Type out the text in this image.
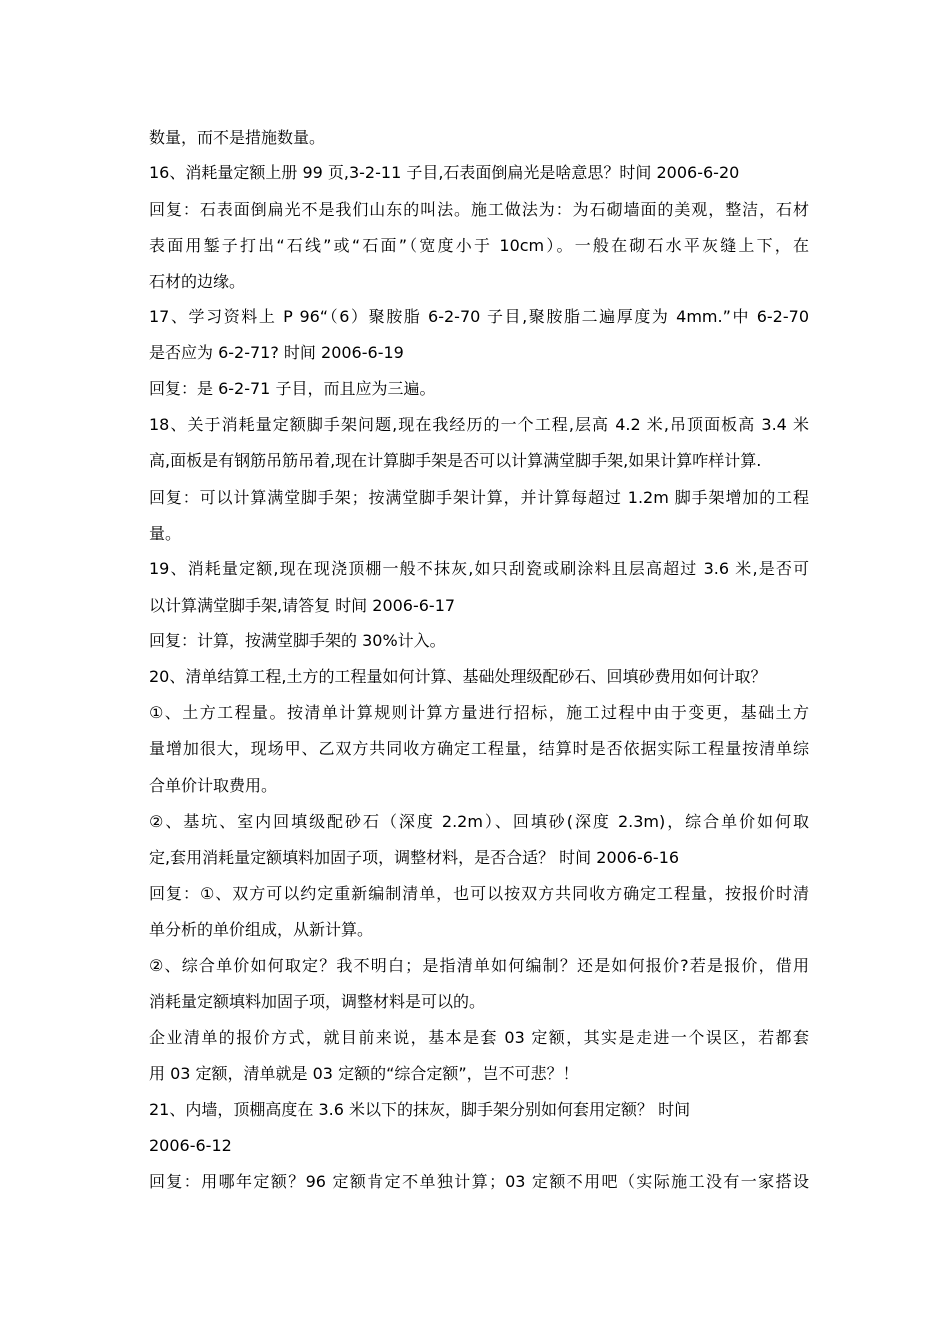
数量，而不是措施数量。
16、消耗量定额上册 99 页,3-2-11 子目,石表面倒扁光是啥意思？时间 2006-6-20
回复：石表面倒扁光不是我们山东的叫法。施工做法为：为石砌墙面的美观，整洁，石材
表面用錾子打出“石线”或“石面”（宽度小于 10cm）。一般在砌石水平灰缝上下，在
石材的边缘。
17、学习资料上 P 96“（6）聚胺脂 6-2-70 子目,聚胺脂二遍厚度为 4mm.”中 6-2-70
是否应为 6-2-71? 时间 2006-6-19
回复：是 6-2-71 子目，而且应为三遍。
18、关于消耗量定额脚手架问题,现在我经历的一个工程,层高 4.2 米,吊顶面板高 3.4 米
高,面板是有钢筋吊筋吊着,现在计算脚手架是否可以计算满堂脚手架,如果计算咋样计算.
回复：可以计算满堂脚手架；按满堂脚手架计算，并计算每超过 1.2m 脚手架增加的工程
量。
19、消耗量定额,现在现浇顶棚一般不抹灰,如只刮瓷或刷涂料且层高超过 3.6 米,是否可
以计算满堂脚手架,请答复 时间 2006-6-17
回复：计算，按满堂脚手架的 30%计入。
20、清单结算工程,土方的工程量如何计算、基础处理级配砂石、回填砂费用如何计取？
①、土方工程量。按清单计算规则计算方量进行招标，施工过程中由于变更，基础土方
量增加很大，现场甲、乙双方共同收方确定工程量，结算时是否依据实际工程量按清单综
合单价计取费用。
②、基坑、室内回填级配砂石（深度 2.2m）、回填砂(深度 2.3m)，综合单价如何取
定,套用消耗量定额填料加固子项，调整材料，是否合适？ 时间 2006-6-16
回复：①、双方可以约定重新编制清单，也可以按双方共同收方确定工程量，按报价时清
单分析的单价组成，从新计算。
②、综合单价如何取定？我不明白；是指清单如何编制？还是如何报价?若是报价，借用
消耗量定额填料加固子项，调整材料是可以的。
企业清单的报价方式，就目前来说，基本是套 03 定额，其实是走进一个误区，若都套
用 03 定额，清单就是 03 定额的“综合定额”，岂不可悲？！
21、内墙，顶棚高度在 3.6 米以下的抹灰，脚手架分别如何套用定额？ 时间
2006-6-12
回复：用哪年定额？96 定额肯定不单独计算；03 定额不用吧（实际施工没有一家搭设
